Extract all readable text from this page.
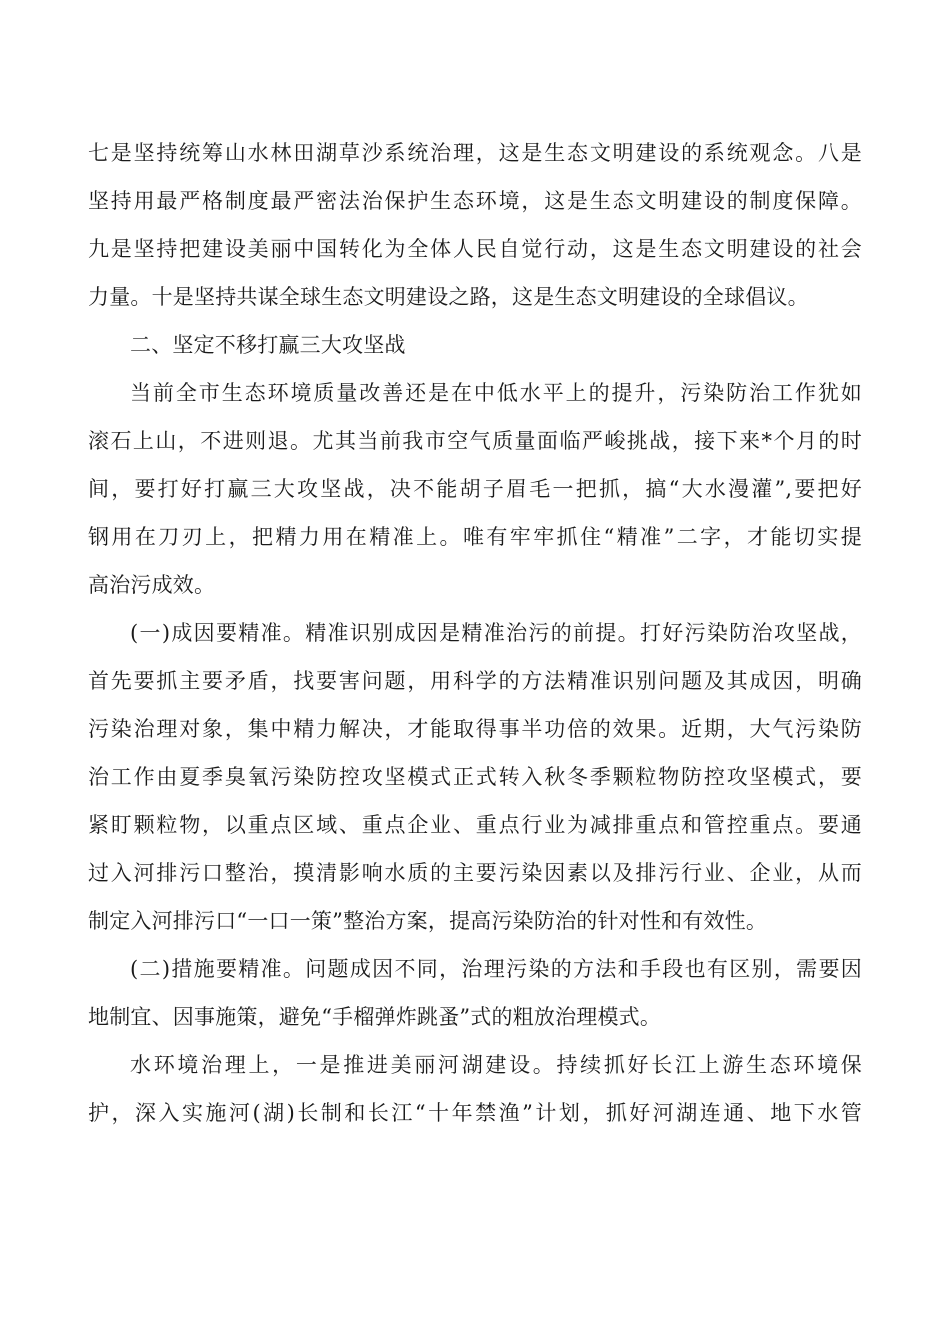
七是坚持统筹山水林田湖草沙系统治理，这是生态文明建设的系统观念。八是
坚持用最严格制度最严密法治保护生态环境，这是生态文明建设的制度保障。
九是坚持把建设美丽中国转化为全体人民自觉行动，这是生态文明建设的社会
力量。十是坚持共谋全球生态文明建设之路，这是生态文明建设的全球倡议。
二、坚定不移打赢三大攻坚战
当前全市生态环境质量改善还是在中低水平上的提升，污染防治工作犹如
滚石上山，不进则退。尤其当前我市空气质量面临严峻挑战，接下来*个月的时
间，要打好打赢三大攻坚战，决不能胡子眉毛一把抓，搞“大水漫灌”,要把好
钢用在刀刃上，把精力用在精准上。唯有牢牢抓住“精准”二字，才能切实提
高治污成效。
(一)成因要精准。精准识别成因是精准治污的前提。打好污染防治攻坚战，
首先要抓主要矛盾，找要害问题，用科学的方法精准识别问题及其成因，明确
污染治理对象，集中精力解决，才能取得事半功倍的效果。近期，大气污染防
治工作由夏季臭氧污染防控攻坚模式正式转入秋冬季颗粒物防控攻坚模式，要
紧盯颗粒物，以重点区域、重点企业、重点行业为减排重点和管控重点。要通
过入河排污口整治，摸清影响水质的主要污染因素以及排污行业、企业，从而
制定入河排污口“一口一策”整治方案，提高污染防治的针对性和有效性。
(二)措施要精准。问题成因不同，治理污染的方法和手段也有区别，需要因
地制宜、因事施策，避免“手榴弹炸跳蚤”式的粗放治理模式。
水环境治理上，一是推进美丽河湖建设。持续抓好长江上游生态环境保
护，深入实施河(湖)长制和长江“十年禁渔”计划，抓好河湖连通、地下水管
